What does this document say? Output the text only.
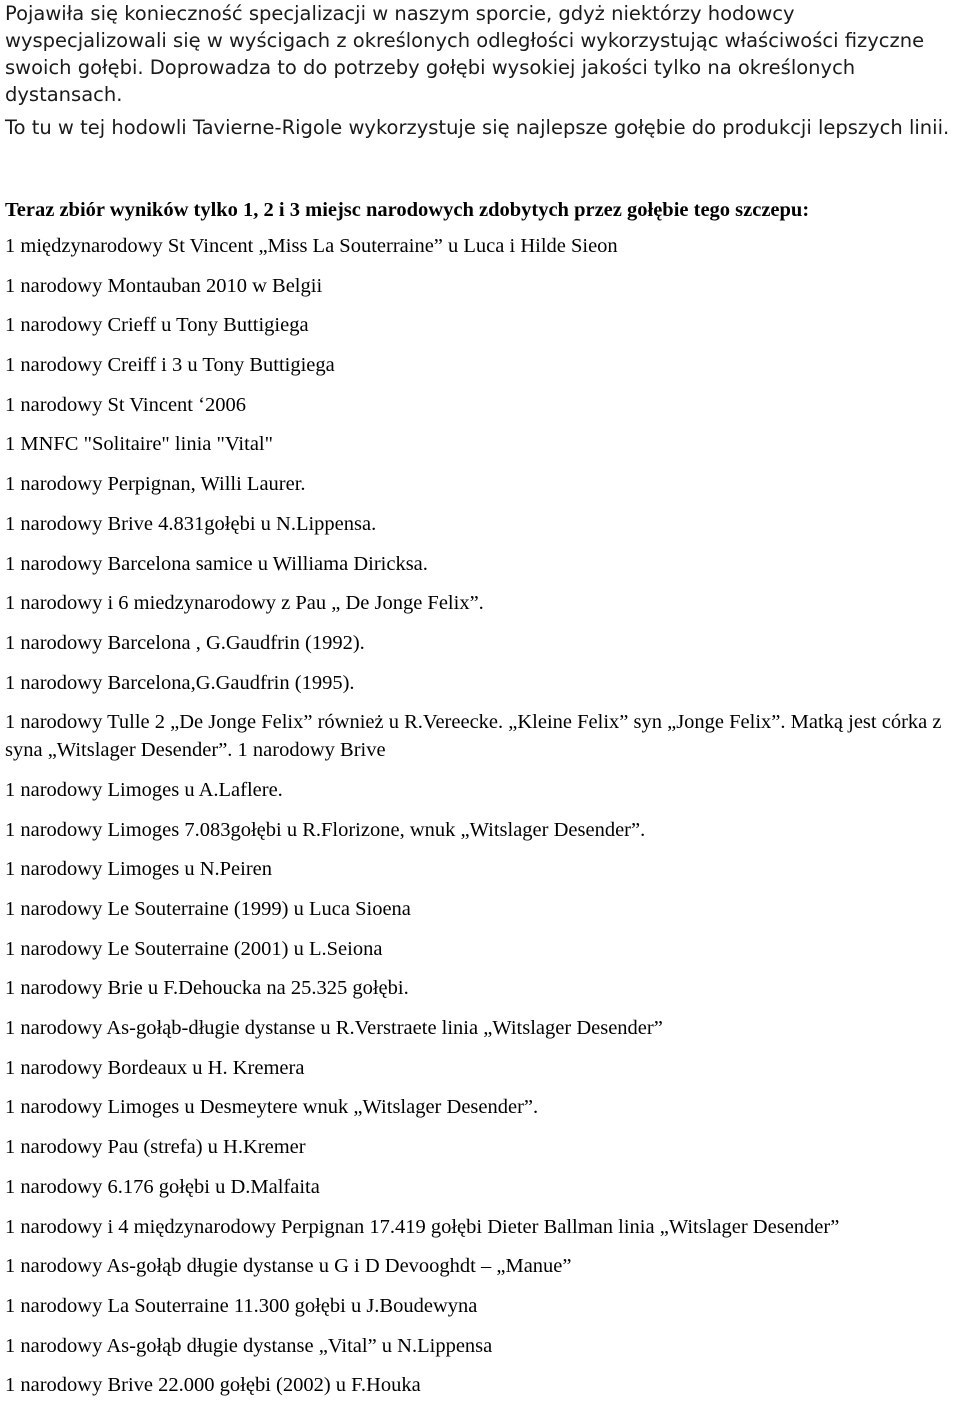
Pojawiła się konieczność specjalizacji w naszym sporcie, gdyż niektórzy hodowcy wyspecjalizowali się w wyścigach z określonych odległości wykorzystując właściwości fizyczne swoich gołębi. Doprowadza to do potrzeby gołębi wysokiej jakości tylko na określonych dystansach.

To tu w tej hodowli Tavierne-Rigole wykorzystuje się najlepsze gołębie do produkcji lepszych linii.

Teraz zbiór wyników tylko 1, 2 i 3 miejsc narodowych zdobytych przez gołębie tego szczepu:
1 międzynarodowy St Vincent „Miss La Souterraine” u Luca i Hilde Sieon
1 narodowy Montauban 2010 w Belgii
1 narodowy Crieff u Tony Buttigiega
1 narodowy Creiff i 3 u Tony Buttigiega
1 narodowy St Vincent ‘2006
1 MNFC "Solitaire" linia "Vital"
1 narodowy Perpignan, Willi Laurer.
1 narodowy Brive 4.831gołębi u N.Lippensa.
1 narodowy Barcelona samice u Williama Diricksa.
1 narodowy i 6 miedzynarodowy z Pau „ De Jonge Felix”.
1 narodowy Barcelona , G.Gaudfrin (1992).
1 narodowy Barcelona,G.Gaudfrin (1995).
1 narodowy Tulle 2 „De Jonge Felix” również u R.Vereecke. „Kleine Felix” syn „Jonge Felix”. Matką jest córka z syna „Witslager Desender”. 1 narodowy Brive
1 narodowy Limoges u A.Laflere.
1 narodowy Limoges 7.083gołębi u R.Florizone, wnuk „Witslager Desender”.
1 narodowy Limoges u N.Peiren
1 narodowy Le Souterraine (1999) u Luca Sioena
1 narodowy Le Souterraine (2001) u L.Seiona
1 narodowy Brie u F.Dehoucka na 25.325 gołębi.
1 narodowy As-gołąb-długie dystanse u R.Verstraete linia „Witslager Desender”
1 narodowy Bordeaux u H. Kremera
1 narodowy Limoges u Desmeytere wnuk „Witslager Desender”.
1 narodowy Pau (strefa) u H.Kremer
1 narodowy 6.176 gołębi u D.Malfaita
1 narodowy i 4 międzynarodowy Perpignan 17.419 gołębi Dieter Ballman linia „Witslager Desender”
1 narodowy As-gołąb długie dystanse u G i D Devooghdt – „Manue”
1 narodowy La Souterraine 11.300 gołębi u J.Boudewyna
1 narodowy As-gołąb długie dystanse „Vital” u N.Lippensa
1 narodowy Brive 22.000 gołębi (2002) u F.Houka
